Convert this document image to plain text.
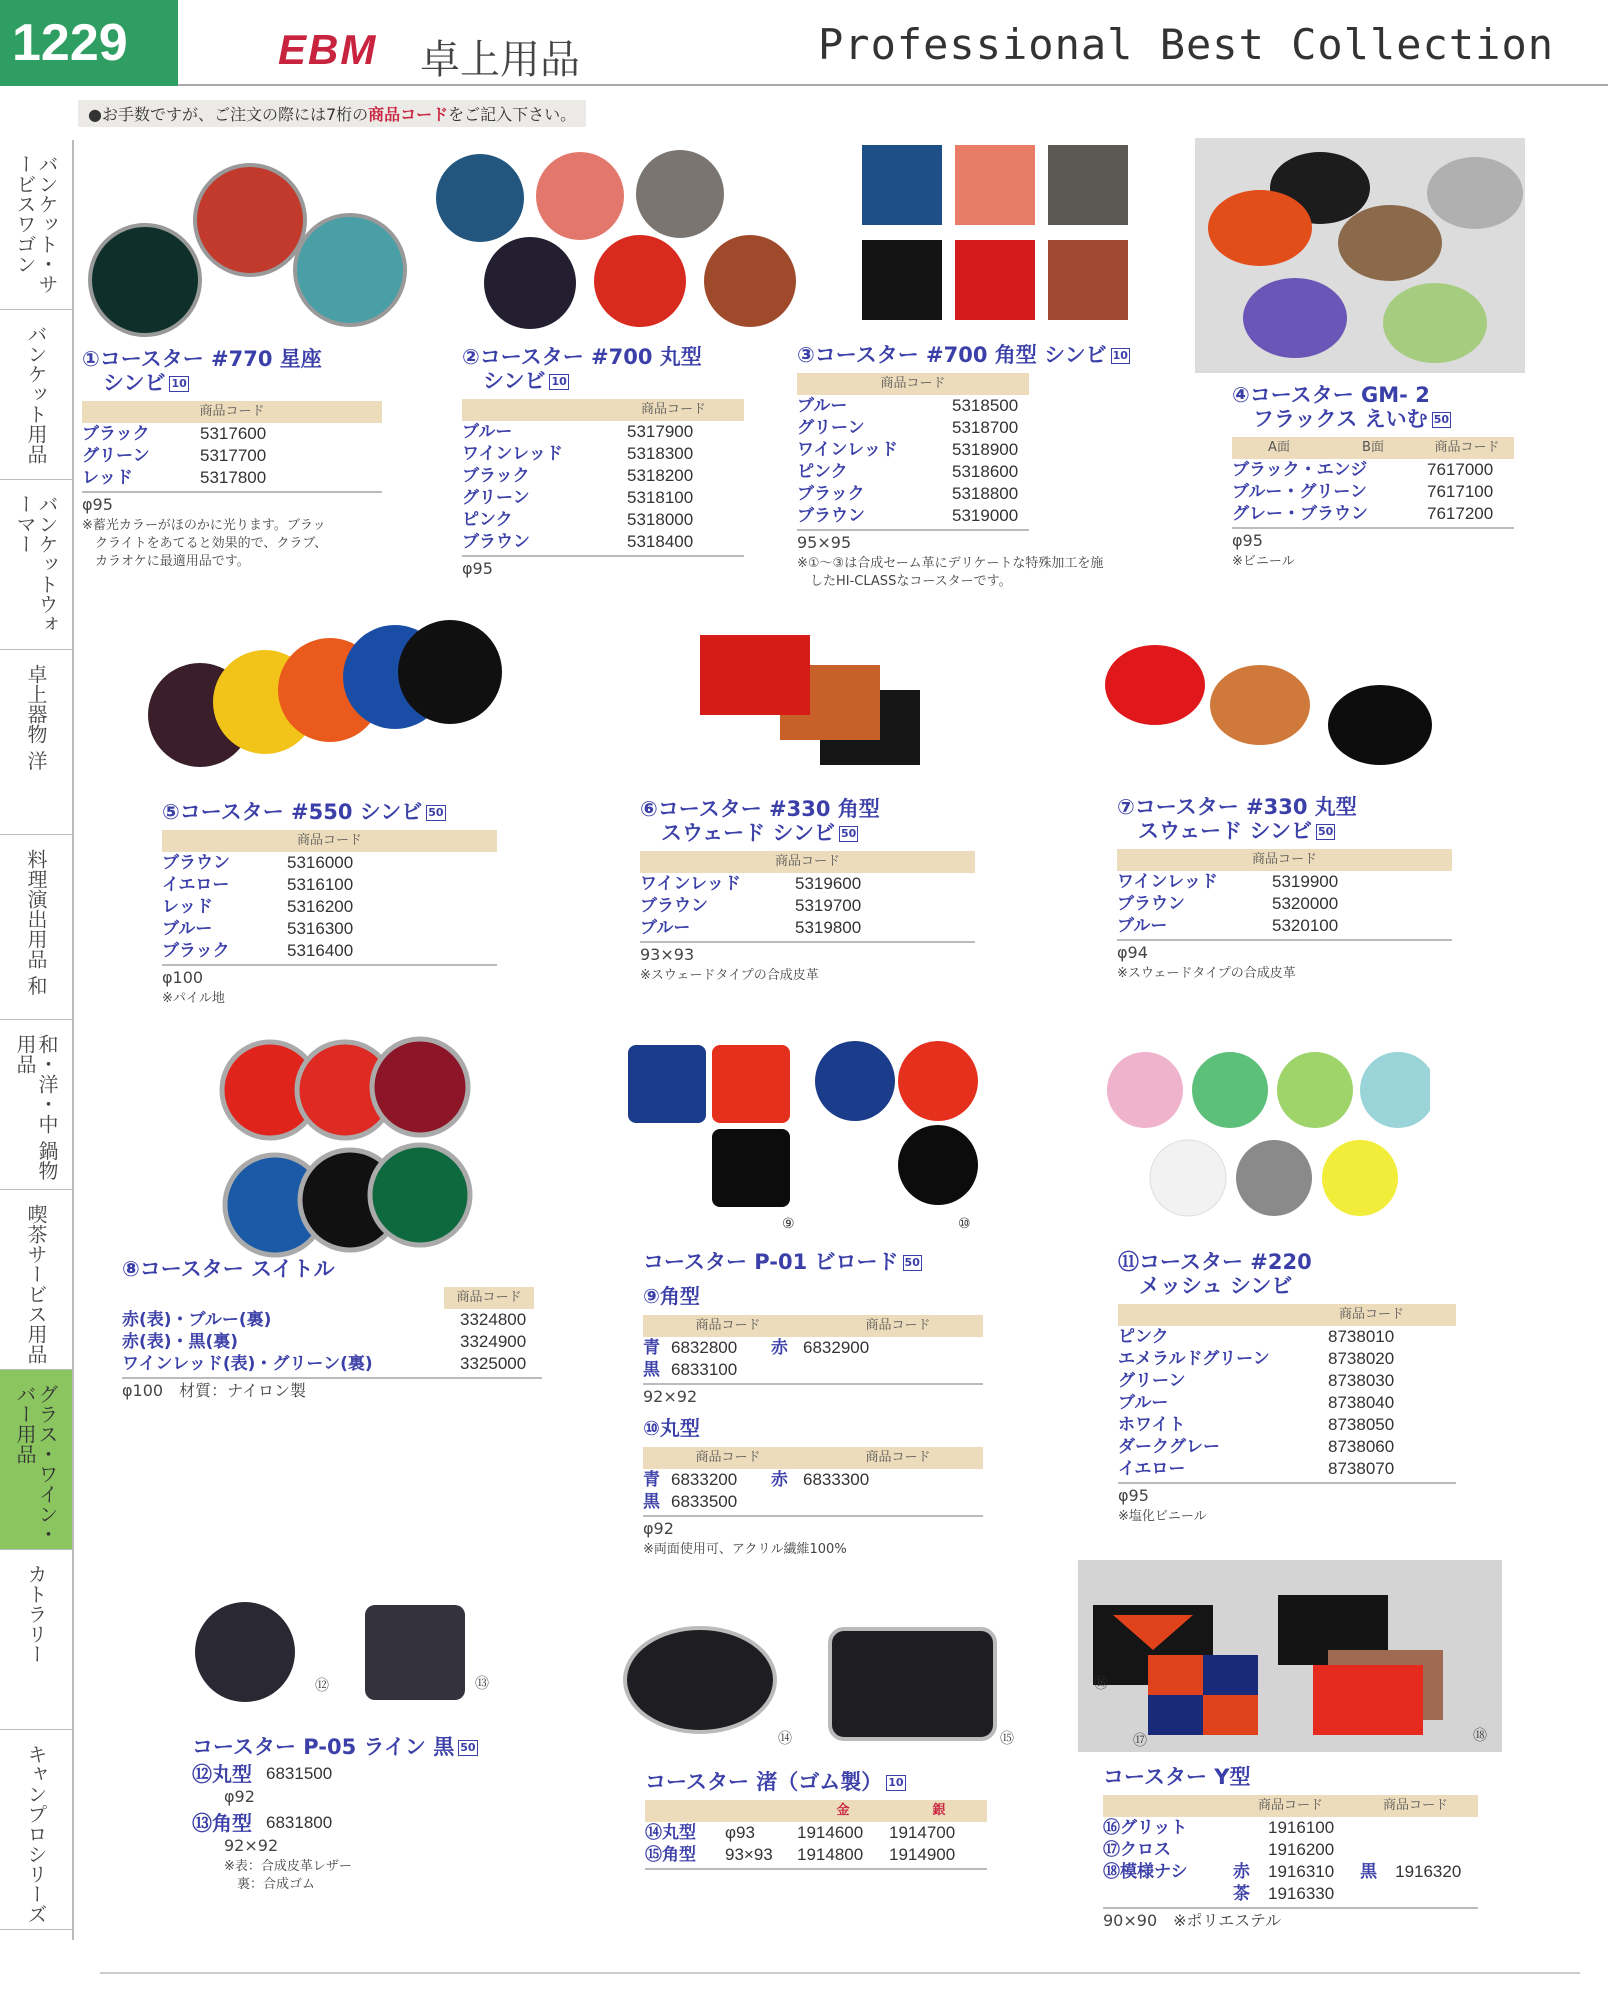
1229	EBM 卓上用品	Professional Best Collection
●お手数ですが、ご注文の際には7桁の商品コードをご記入下さい。
バンケット・サービスワゴン
バンケット用品
バンケットウォーマー
卓上器物 洋
料理演出用品 和
和・洋・中 鍋物用品
喫茶サービス用品
グラス・ワイン・バー用品
カトラリー
キャンプロシリーズ
①コースター #770 星座
　シンビ 10
商品コード
ブラック	5317600
グリーン	5317700
レッド	5317800
φ95
※蓄光カラーがほのかに光ります。ブラッ
　クライトをあてると効果的で、クラブ、
　カラオケに最適用品です。
②コースター #700 丸型
　シンビ 10
商品コード
ブルー	5317900
ワインレッド	5318300
ブラック	5318200
グリーン	5318100
ピンク	5318000
ブラウン	5318400
φ95
③コースター #700 角型 シンビ 10
商品コード
ブルー	5318500
グリーン	5318700
ワインレッド	5318900
ピンク	5318600
ブラック	5318800
ブラウン	5319000
95×95
※①〜③は合成セーム革にデリケートな特殊加工を施
　したHI-CLASSなコースターです。
④コースター GM- 2
　フラックス えいむ 50
A面	B面	商品コード
ブラック・エンジ	7617000
ブルー・グリーン	7617100
グレー・ブラウン	7617200
φ95
※ビニール
⑤コースター #550 シンビ 50
商品コード
ブラウン	5316000
イエロー	5316100
レッド	5316200
ブルー	5316300
ブラック	5316400
φ100
※パイル地
⑥コースター #330 角型
　スウェード シンビ 50
商品コード
ワインレッド	5319600
ブラウン	5319700
ブルー	5319800
93×93
※スウェードタイプの合成皮革
⑦コースター #330 丸型
　スウェード シンビ 50
商品コード
ワインレッド	5319900
ブラウン	5320000
ブルー	5320100
φ94
※スウェードタイプの合成皮革
⑨	⑩
⑧コースター スイトル
商品コード
赤(表)・ブルー(裏)	3324800
赤(表)・黒(裏)	3324900
ワインレッド(表)・グリーン(裏)	3325000
φ100　材質：ナイロン製
コースター P-01 ビロード 50
⑨角型
商品コード	商品コード
青 6832800	赤 6832900
黒 6833100
92×92
⑩丸型
商品コード	商品コード
青 6833200	赤 6833300
黒 6833500
φ92
※両面使用可、アクリル繊維100%
⑪コースター #220
　メッシュ シンビ
商品コード
ピンク	8738010
エメラルドグリーン	8738020
グリーン	8738030
ブルー	8738040
ホワイト	8738050
ダークグレー	8738060
イエロー	8738070
φ95
※塩化ビニール
⑫	⑬
⑭	⑮
⑯
⑰	⑱
コースター P-05 ライン 黒 50
⑫丸型 6831500
φ92
⑬角型 6831800
92×92
※表：合成皮革レザー
　裏：合成ゴム
コースター 渚（ゴム製） 10
金	銀
⑭丸型	φ93	1914600	1914700
⑮角型	93×93	1914800	1914900
コースター Y型
商品コード	商品コード
⑯グリット	1916100
⑰クロス	1916200
⑱模様ナシ	赤	1916310	黒	1916320
茶	1916330
90×90　※ポリエステル
